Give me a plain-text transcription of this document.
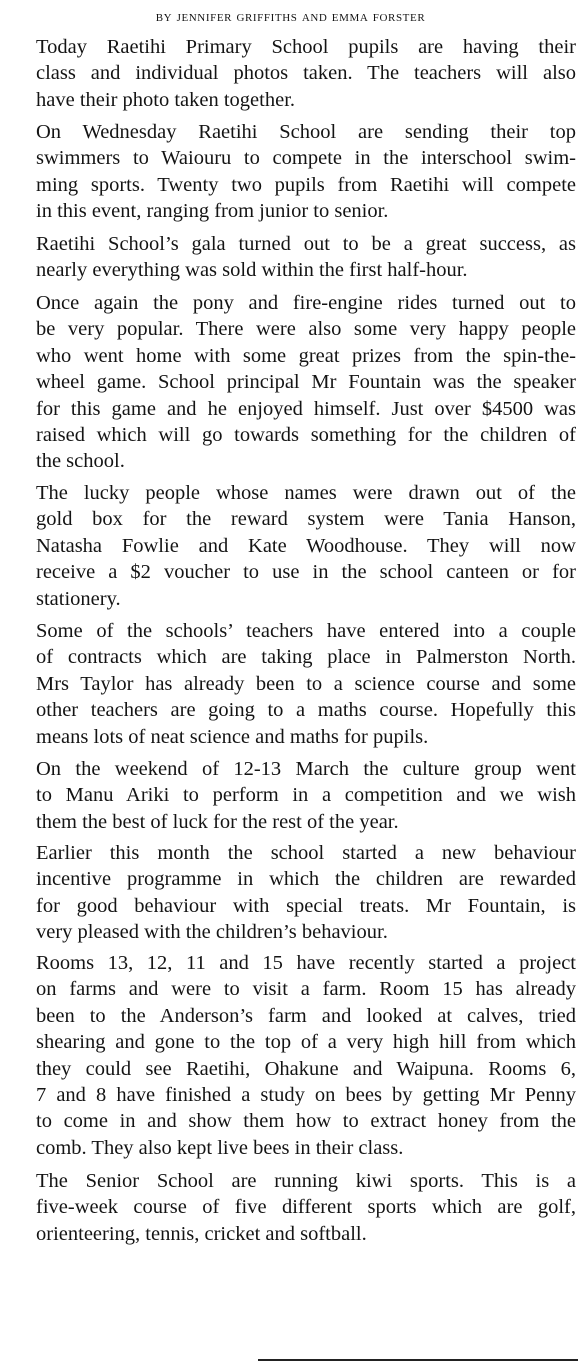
by jennifer griffiths and emma forster

Today Raetihi Primary School pupils are having their
class and individual photos taken. The teachers will also
have their photo taken together.

On Wednesday Raetihi School are sending their top
swimmers to Waiouru to compete in the interschool swim-
ming sports. Twenty two pupils from Raetihi will compete
in this event, ranging from junior to senior.

Raetihi School’s gala turned out to be a great success, as
nearly everything was sold within the first half-hour.

Once again the pony and fire-engine rides turned out to
be very popular. There were also some very happy people
who went home with some great prizes from the spin-the-
wheel game. School principal Mr Fountain was the speaker
for this game and he enjoyed himself. Just over $4500 was
raised which will go towards something for the children of
the school.

The lucky people whose names were drawn out of the
gold box for the reward system were Tania Hanson,
Natasha Fowlie and Kate Woodhouse. They will now
receive a $2 voucher to use in the school canteen or for
stationery.

Some of the schools’ teachers have entered into a couple
of contracts which are taking place in Palmerston North.
Mrs Taylor has already been to a science course and some
other teachers are going to a maths course. Hopefully this
means lots of neat science and maths for pupils.

On the weekend of 12-13 March the culture group went
to Manu Ariki to perform in a competition and we wish
them the best of luck for the rest of the year.

Earlier this month the school started a new behaviour
incentive programme in which the children are rewarded
for good behaviour with special treats. Mr Fountain, is
very pleased with the children’s behaviour.

Rooms 13, 12, 11 and 15 have recently started a project
on farms and were to visit a farm. Room 15 has already
been to the Anderson’s farm and looked at calves, tried
shearing and gone to the top of a very high hill from which
they could see Raetihi, Ohakune and Waipuna. Rooms 6,
7 and 8 have finished a study on bees by getting Mr Penny
to come in and show them how to extract honey from the
comb. They also kept live bees in their class.

The Senior School are running kiwi sports. This is a
five-week course of five different sports which are golf,
orienteering, tennis, cricket and softball.
